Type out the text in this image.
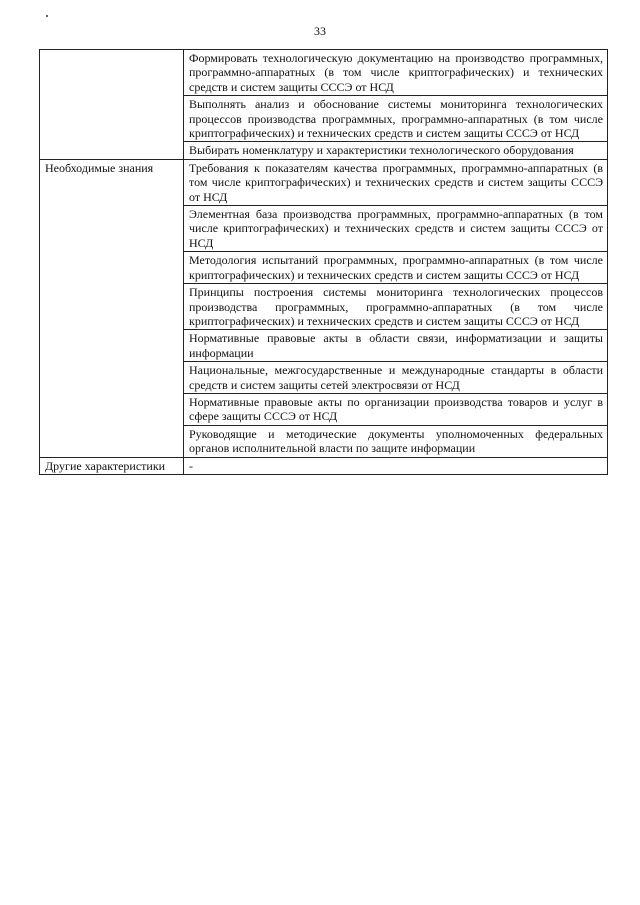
33
	Формировать технологическую документацию на производство программных, программно-аппаратных (в том числе криптографических) и технических средств и систем защиты СССЭ от НСД
	Выполнять анализ и обоснование системы мониторинга технологических процессов производства программных, программно-аппаратных (в том числе криптографических) и технических средств и систем защиты СССЭ от НСД
	Выбирать номенклатуру и характеристики технологического оборудования
Необходимые знания	Требования к показателям качества программных, программно-аппаратных (в том числе криптографических) и технических средств и систем защиты СССЭ от НСД
	Элементная база производства программных, программно-аппаратных (в том числе криптографических) и технических средств и систем защиты СССЭ от НСД
	Методология испытаний программных, программно-аппаратных (в том числе криптографических) и технических средств и систем защиты СССЭ от НСД
	Принципы построения системы мониторинга технологических процессов производства программных, программно-аппаратных (в том числе криптографических) и технических средств и систем защиты СССЭ от НСД
	Нормативные правовые акты в области связи, информатизации и защиты информации
	Национальные, межгосударственные и международные стандарты в области средств и систем защиты сетей электросвязи от НСД
	Нормативные правовые акты по организации производства товаров и услуг в сфере защиты СССЭ от НСД
	Руководящие и методические документы уполномоченных федеральных органов исполнительной власти по защите информации
Другие характеристики	-
